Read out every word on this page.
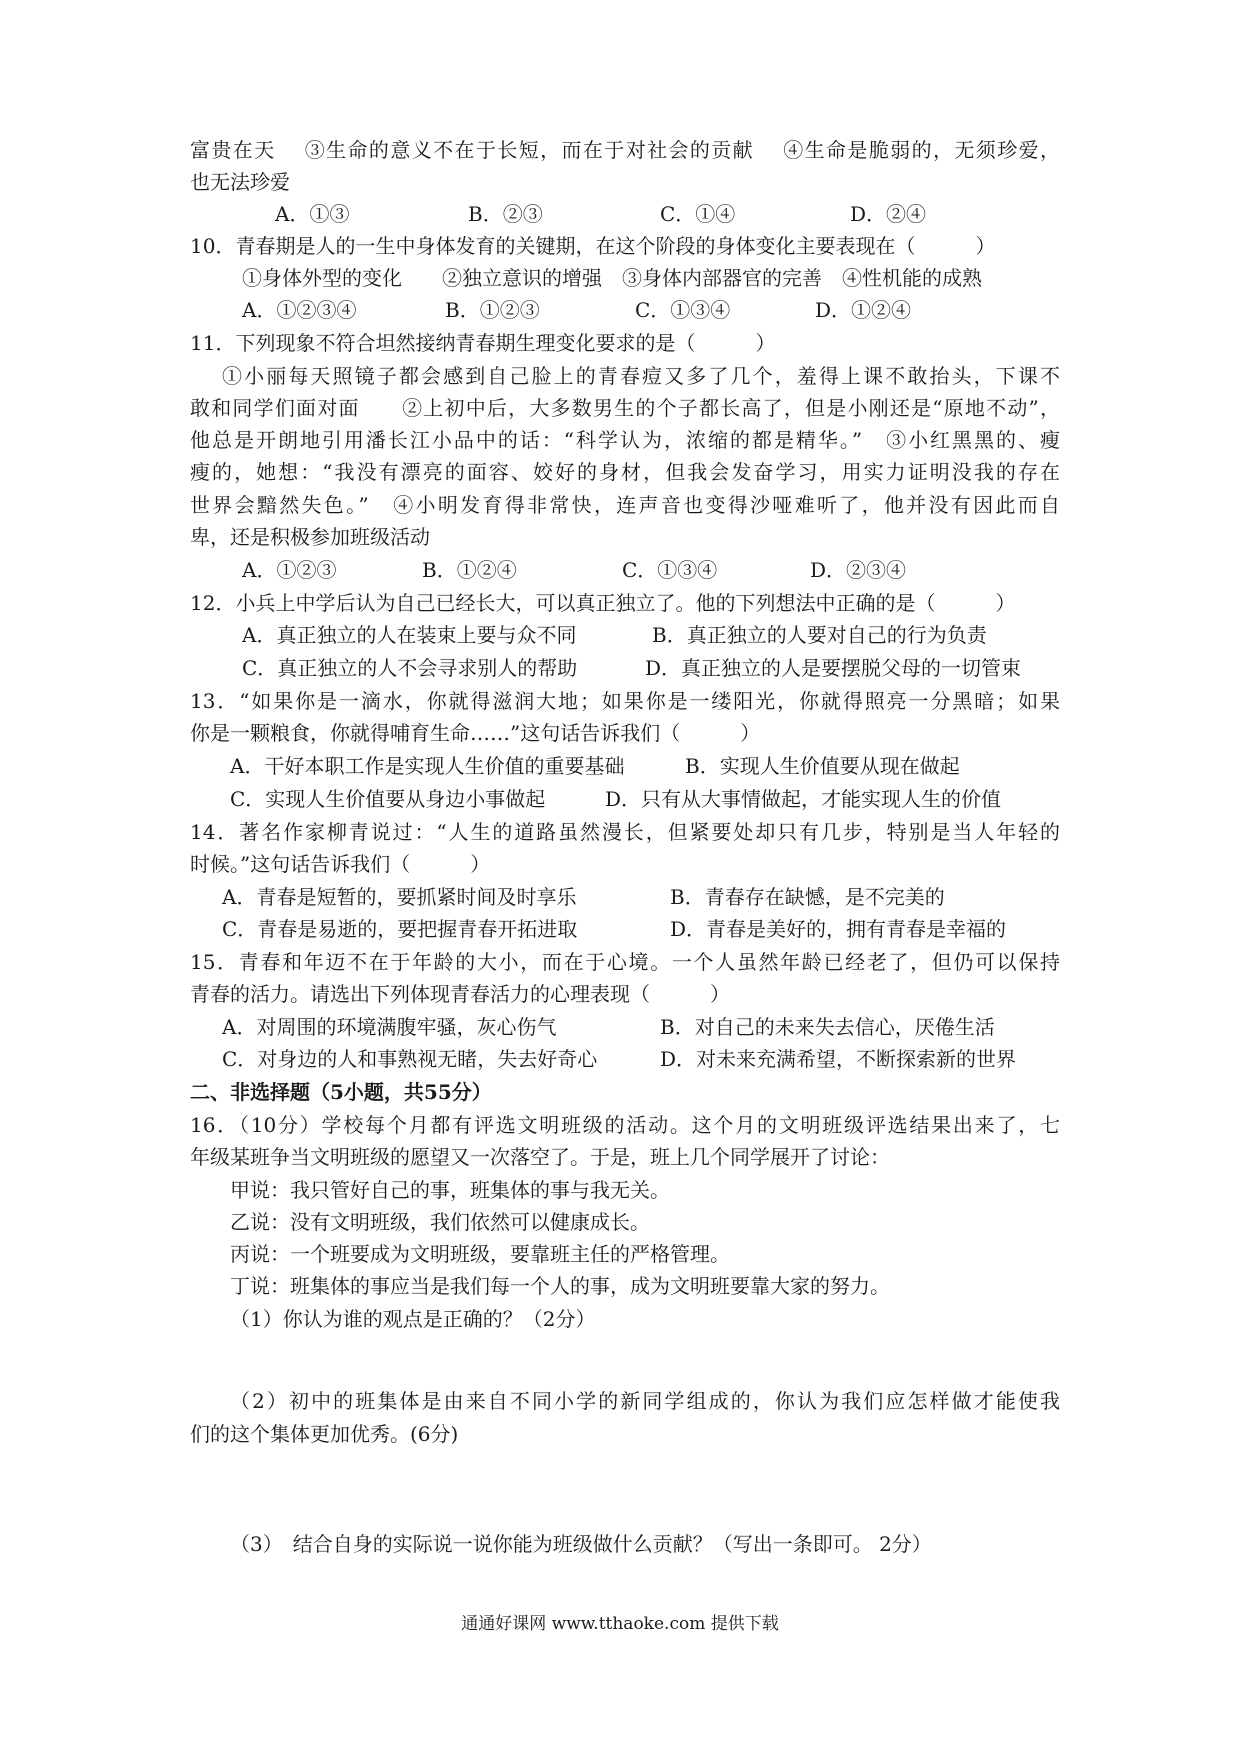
富贵在天　 ③生命的意义不在于长短，而在于对社会的贡献　 ④生命是脆弱的，无须珍爱，
也无法珍爱
A．①③	B．②③	C．①④	D．②④
10．青春期是人的一生中身体发育的关键期，在这个阶段的身体变化主要表现在（　　　）
①身体外型的变化　　②独立意识的增强　③身体内部器官的完善　④性机能的成熟
A．①②③④	B．①②③	C．①③④	D．①②④
11．下列现象不符合坦然接纳青春期生理变化要求的是（　　　）
①小丽每天照镜子都会感到自己脸上的青春痘又多了几个，羞得上课不敢抬头，下课不
敢和同学们面对面　　②上初中后，大多数男生的个子都长高了，但是小刚还是“原地不动”，
他总是开朗地引用潘长江小品中的话：“科学认为，浓缩的都是精华。”　③小红黑黑的、瘦
瘦的，她想：“我没有漂亮的面容、姣好的身材，但我会发奋学习，用实力证明没我的存在
世界会黯然失色。”　④小明发育得非常快，连声音也变得沙哑难听了，他并没有因此而自
卑，还是积极参加班级活动
A．①②③	B．①②④	C．①③④	D．②③④
12．小兵上中学后认为自己已经长大，可以真正独立了。他的下列想法中正确的是（　　　）
A．真正独立的人在装束上要与众不同	B．真正独立的人要对自己的行为负责
C．真正独立的人不会寻求别人的帮助	D．真正独立的人是要摆脱父母的一切管束
13．“如果你是一滴水，你就得滋润大地；如果你是一缕阳光，你就得照亮一分黑暗；如果
你是一颗粮食，你就得哺育生命……”这句话告诉我们（　　　）
A．干好本职工作是实现人生价值的重要基础	B．实现人生价值要从现在做起
C．实现人生价值要从身边小事做起	D．只有从大事情做起，才能实现人生的价值
14．著名作家柳青说过：“人生的道路虽然漫长，但紧要处却只有几步，特别是当人年轻的
时候。”这句话告诉我们（　　　）
A．青春是短暂的，要抓紧时间及时享乐	B．青春存在缺憾，是不完美的
C．青春是易逝的，要把握青春开拓进取	D．青春是美好的，拥有青春是幸福的
15．青春和年迈不在于年龄的大小，而在于心境。一个人虽然年龄已经老了，但仍可以保持
青春的活力。请选出下列体现青春活力的心理表现（　　　）
A．对周围的环境满腹牢骚，灰心伤气	B．对自己的未来失去信心，厌倦生活
C．对身边的人和事熟视无睹，失去好奇心	D．对未来充满希望，不断探索新的世界
二、非选择题（5小题，共55分）
16．（10分）学校每个月都有评选文明班级的活动。这个月的文明班级评选结果出来了，七
年级某班争当文明班级的愿望又一次落空了。于是，班上几个同学展开了讨论：
甲说：我只管好自己的事，班集体的事与我无关。
乙说：没有文明班级，我们依然可以健康成长。
丙说：一个班要成为文明班级，要靠班主任的严格管理。
丁说：班集体的事应当是我们每一个人的事，成为文明班要靠大家的努力。
（1）你认为谁的观点是正确的？（2分）
（2）初中的班集体是由来自不同小学的新同学组成的，你认为我们应怎样做才能使我
们的这个集体更加优秀。(6分)
（3）　结合自身的实际说一说你能为班级做什么贡献？（写出一条即可。 2分）
通通好课网 www.tthaoke.com 提供下载
